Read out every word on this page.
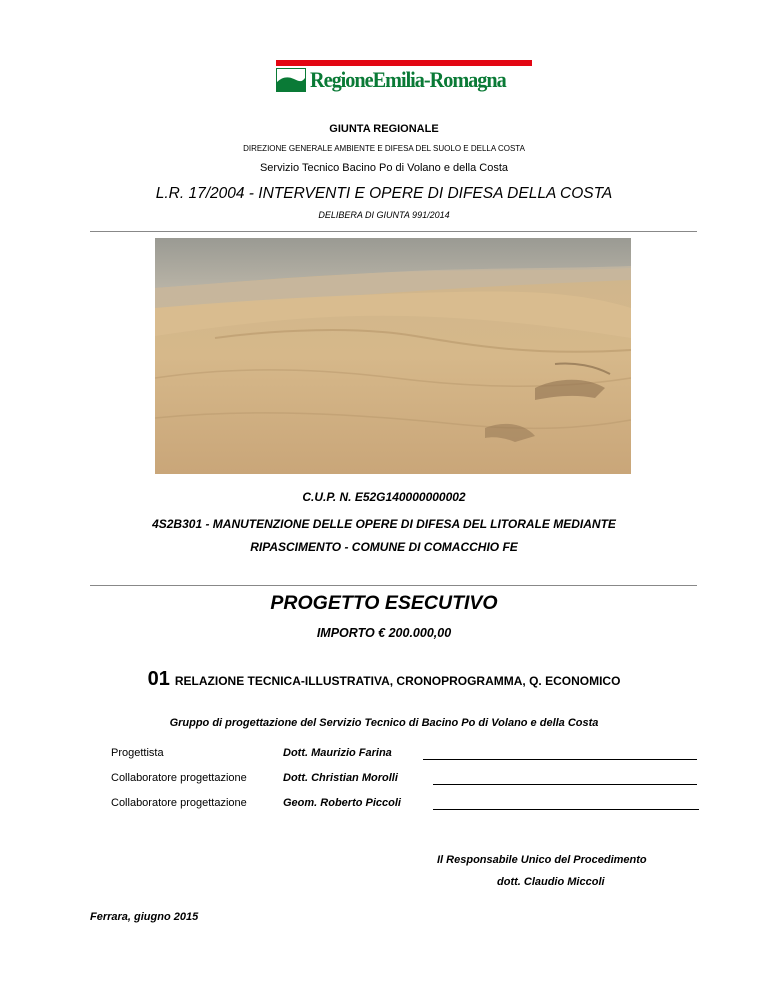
RegioneEmilia-Romagna
GIUNTA REGIONALE
DIREZIONE GENERALE AMBIENTE E DIFESA DEL SUOLO E DELLA COSTA
Servizio Tecnico Bacino Po di Volano e della Costa
L.R. 17/2004 - INTERVENTI E OPERE DI DIFESA DELLA COSTA
DELIBERA DI GIUNTA 991/2014
C.U.P. N. E52G140000000002
4S2B301 - MANUTENZIONE DELLE OPERE DI DIFESA DEL LITORALE MEDIANTE
RIPASCIMENTO - COMUNE DI COMACCHIO FE
PROGETTO ESECUTIVO
IMPORTO € 200.000,00
01 RELAZIONE TECNICA-ILLUSTRATIVA, CRONOPROGRAMMA, Q. ECONOMICO
Gruppo di progettazione del Servizio Tecnico di Bacino Po di Volano e della Costa
Progettista	Dott. Maurizio Farina
Collaboratore progettazione	Dott. Christian Morolli
Collaboratore progettazione	Geom. Roberto Piccoli
Il Responsabile Unico del Procedimento
dott. Claudio Miccoli
Ferrara, giugno 2015
